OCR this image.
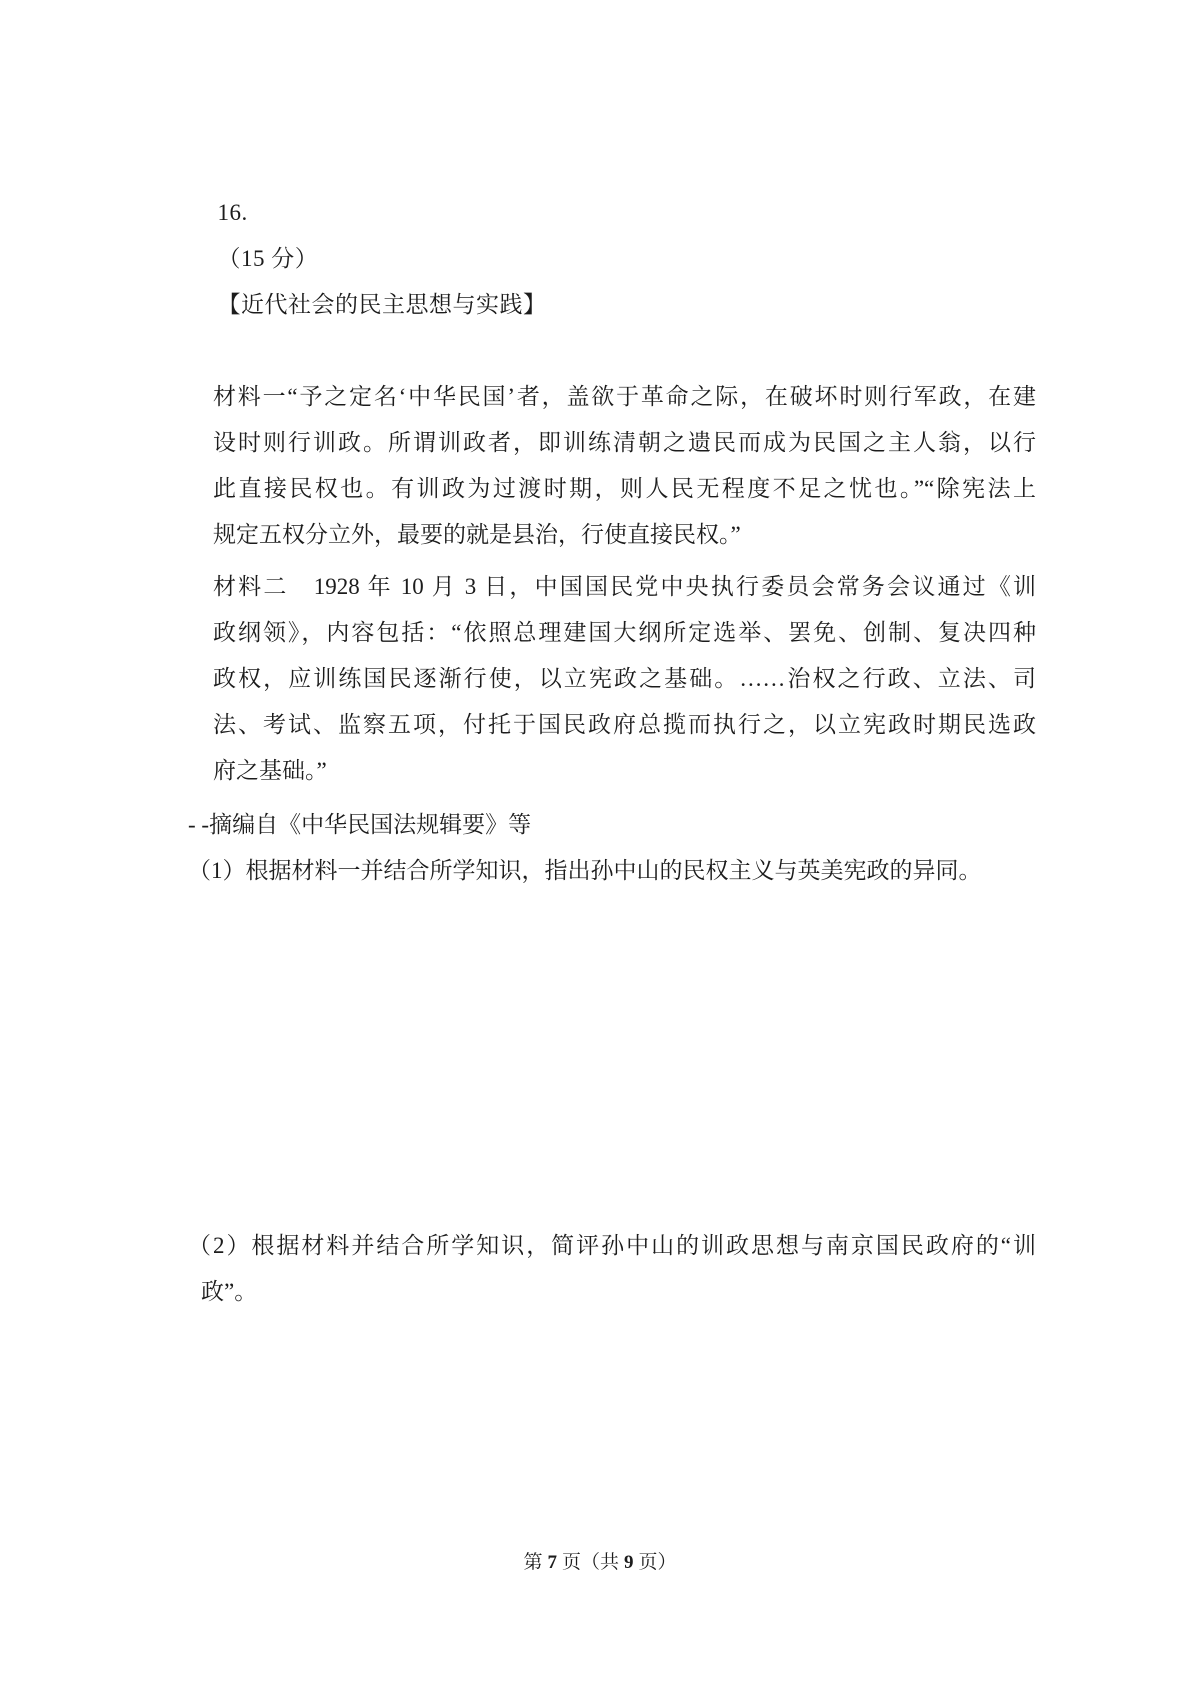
16.
（15 分）
【近代社会的民主思想与实践】

材料一“予之定名‘中华民国’者，盖欲于革命之际，在破坏时则行军政，在建
设时则行训政。所谓训政者，即训练清朝之遗民而成为民国之主人翁，以行
此直接民权也。有训政为过渡时期，则人民无程度不足之忧也。”“除宪法上
规定五权分立外，最要的就是县治，行使直接民权。”
材料二　1928 年 10 月 3 日，中国国民党中央执行委员会常务会议通过《训
政纲领》，内容包括：“依照总理建国大纲所定选举、罢免、创制、复决四种
政权，应训练国民逐渐行使，以立宪政之基础。……治权之行政、立法、司
法、考试、监察五项，付托于国民政府总揽而执行之，以立宪政时期民选政
府之基础。”
- -摘编自《中华民国法规辑要》等
（1）根据材料一并结合所学知识，指出孙中山的民权主义与英美宪政的异同。
（2）根据材料并结合所学知识，简评孙中山的训政思想与南京国民政府的“训
政”。
第 7 页（共 9 页）
